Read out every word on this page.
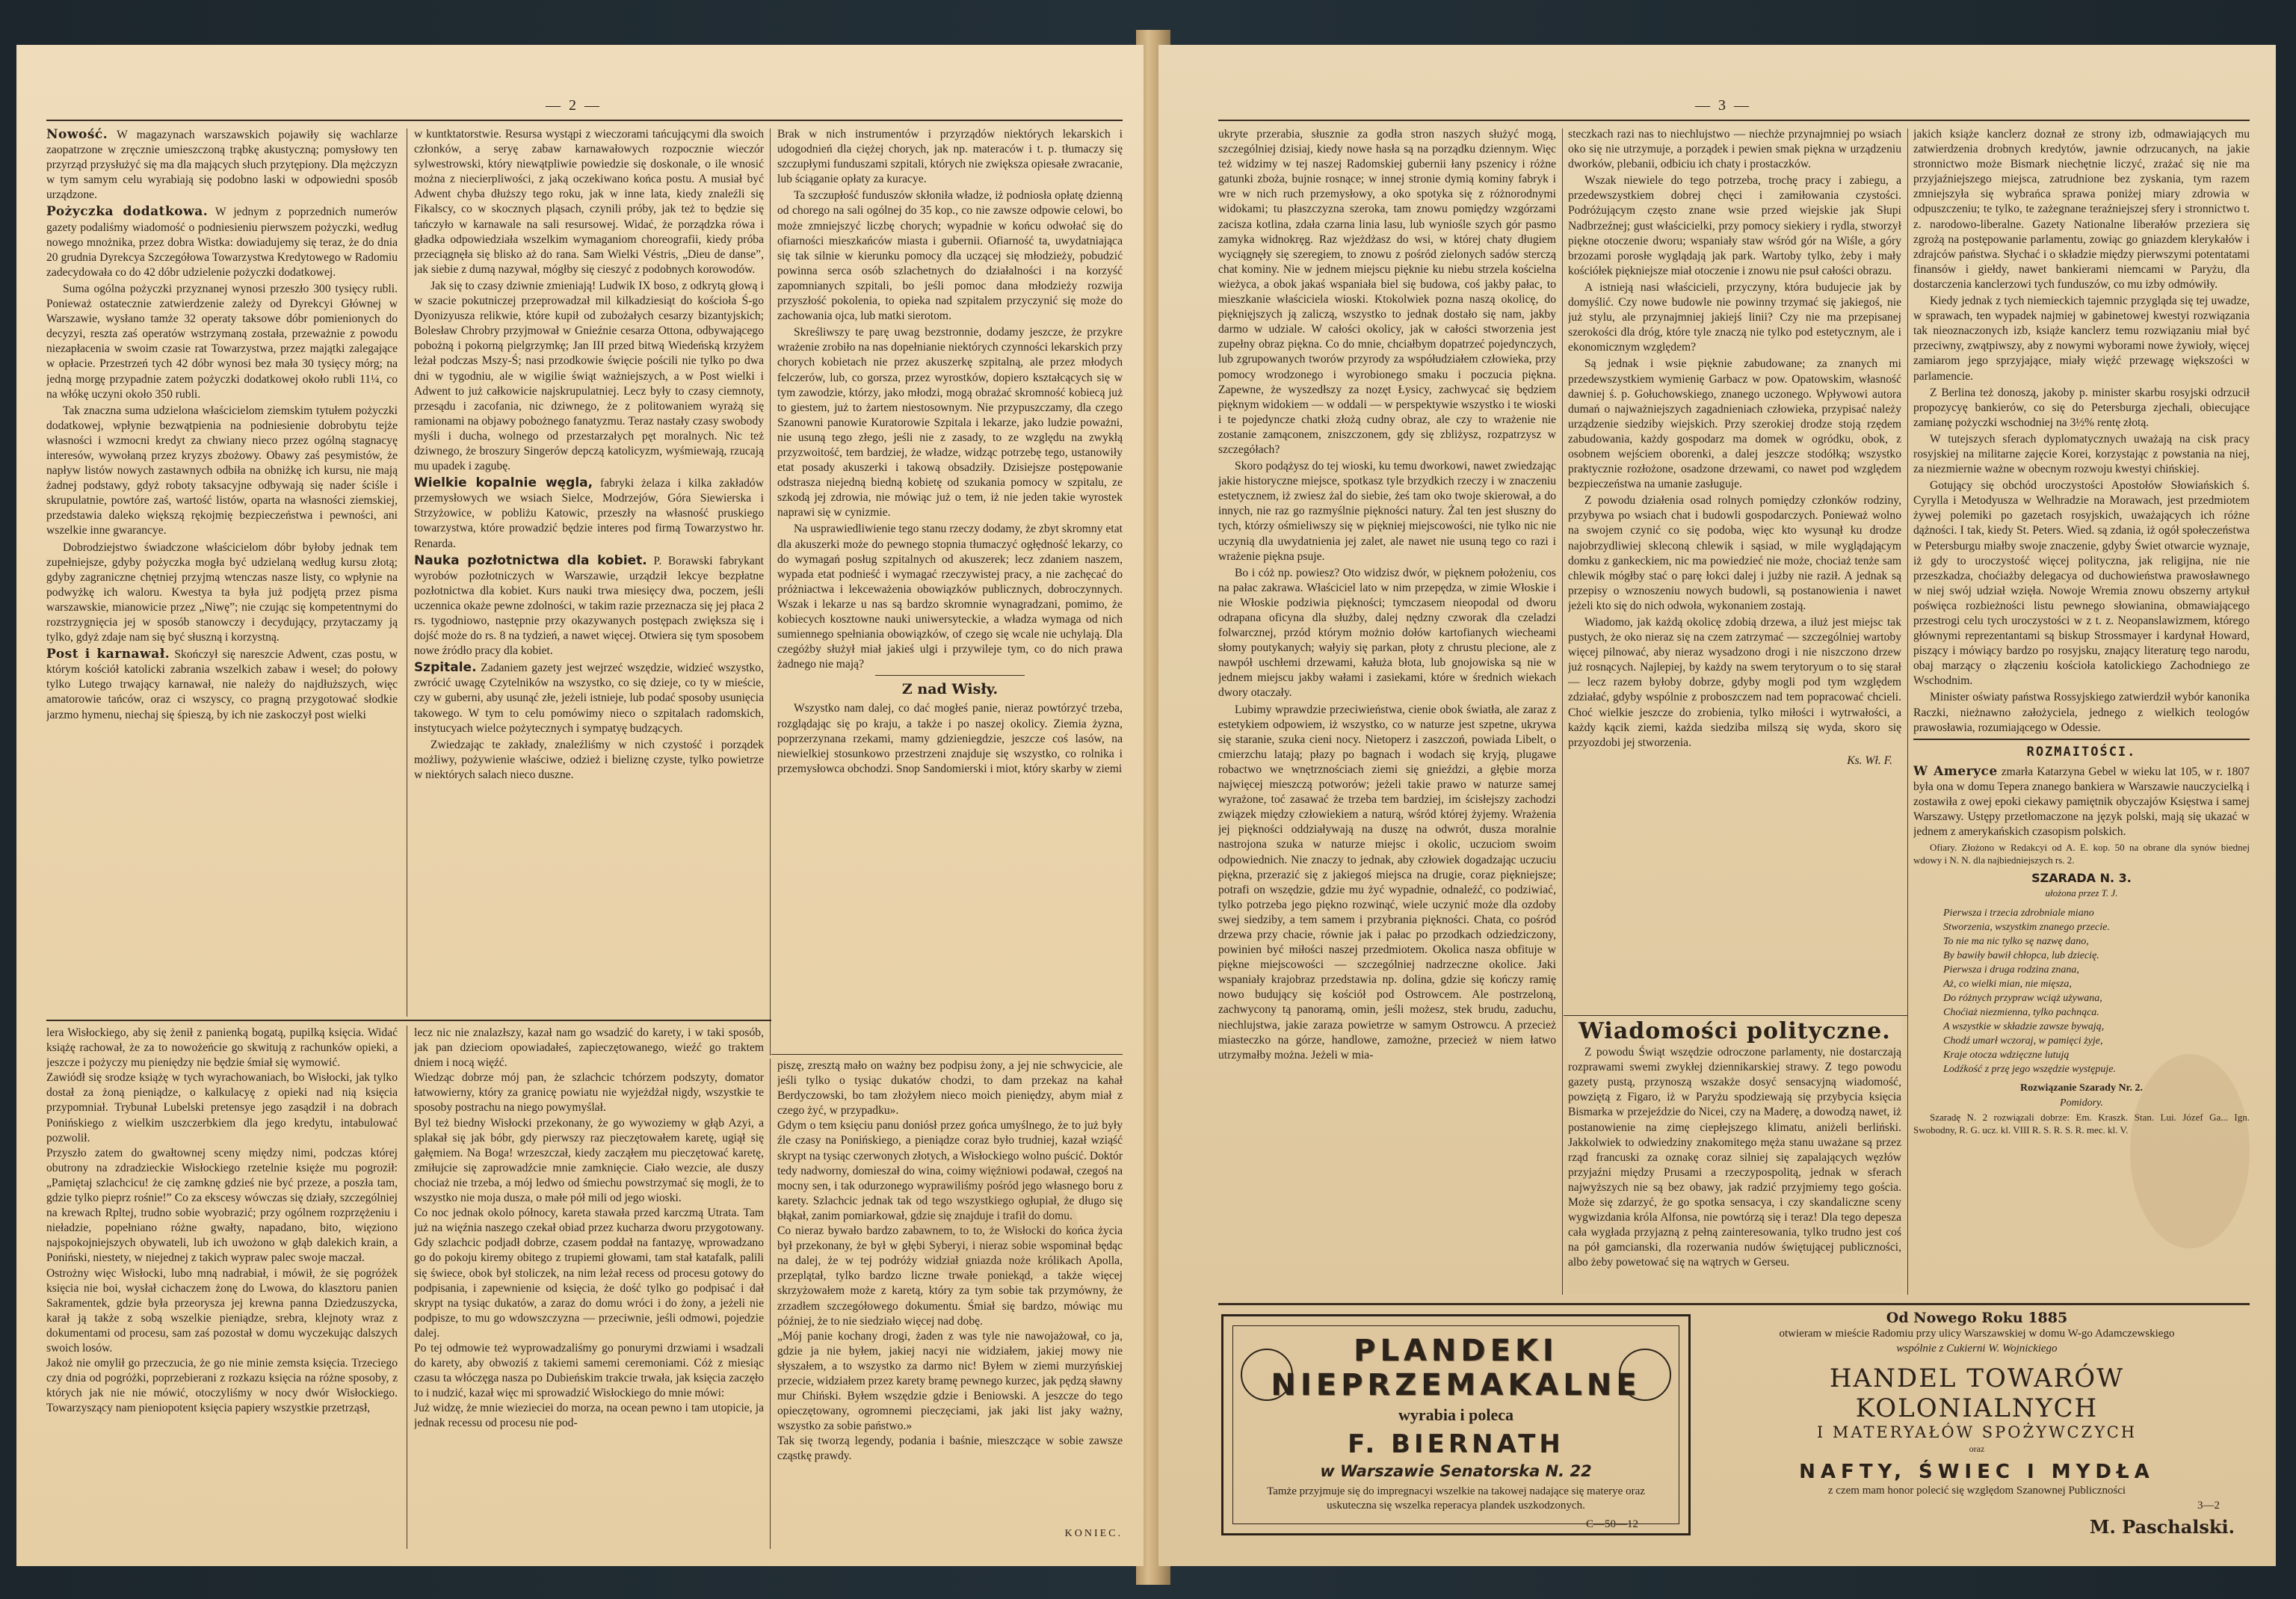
— 2 —

Nowość. W magazynach warszawskich pojawiły się wachlarze zaopatrzone w zręcznie umieszczoną trąbkę akustyczną; pomysłowy ten przyrząd przysłużyć się ma dla mających słuch przytępiony. Dla mężczyzn w tym samym celu wyrabiają się podobno laski w odpowiedni sposób urządzone.

Pożyczka dodatkowa. W jednym z poprzednich numerów gazety podaliśmy wiadomość o podniesieniu pierwszem pożyczki, według nowego mnożnika, przez dobra Wistka: dowiadujemy się teraz, że do dnia 20 grudnia Dyrekcya Szczegółowa Towarzystwa Kredytowego w Radomiu zadecydowała co do 42 dóbr udzielenie pożyczki dodatkowej.

Suma ogólna pożyczki przyznanej wynosi przeszło 300 tysięcy rubli. Ponieważ ostatecznie zatwierdzenie zależy od Dyrekcyi Głównej w Warszawie, wysłano tamże 32 operaty taksowe dóbr pomienionych do decyzyi, reszta zaś operatów wstrzymaną została, przeważnie z powodu niezapłacenia w swoim czasie rat Towarzystwa, przez majątki zalegające w opłacie. Przestrzeń tych 42 dóbr wynosi bez mała 30 tysięcy mórg; na jedną morgę przypadnie zatem pożyczki dodatkowej około rubli 11¼, co na włókę uczyni około 350 rubli.

Tak znaczna suma udzielona właścicielom ziemskim tytułem pożyczki dodatkowej, wpłynie bezwątpienia na podniesienie dobrobytu tejże własności i wzmocni kredyt za chwiany nieco przez ogólną stagnacyę interesów, wywołaną przez kryzys zbożowy. Obawy zaś pesymistów, że napływ listów nowych zastawnych odbiła na obniżkę ich kursu, nie mają żadnej podstawy, gdyż roboty taksacyjne odbywają się nader ściśle i skrupulatnie, powtóre zaś, wartość listów, oparta na własności ziemskiej, przedstawia daleko większą rękojmię bezpieczeństwa i pewności, ani wszelkie inne gwarancye.

Dobrodziejstwo świadczone właścicielom dóbr byłoby jednak tem zupełniejsze, gdyby pożyczka mogła być udzielaną według kursu złotą; gdyby zagraniczne chętniej przyjmą wtenczas nasze listy, co wpłynie na podwyżkę ich waloru. Kwestya ta była już podjętą przez pisma warszawskie, mianowicie przez „Niwę”; nie czując się kompetentnymi do rozstrzygnięcia jej w sposób stanowczy i decydujący, przytaczamy ją tylko, gdyż zdaje nam się być słuszną i korzystną.

Post i karnawał. Skończył się nareszcie Adwent, czas postu, w którym kościół katolicki zabrania wszelkich zabaw i wesel; do połowy tylko Lutego trwający karnawał, nie należy do najdłuższych, więc amatorowie tańców, oraz ci wszyscy, co pragną przygotować słodkie jarzmo hymenu, niechaj się śpieszą, by ich nie zaskoczył post wielki

w kuntktatorstwie. Resursa wystąpi z wieczorami tańcującymi dla swoich członków, a seryę zabaw karnawałowych rozpocznie wieczór sylwestrowski, który niewątpliwie powiedzie się doskonale, o ile wnosić można z niecierpliwości, z jaką oczekiwano końca postu. A musiał być Adwent chyba dłuższy tego roku, jak w inne lata, kiedy znaleźli się Fikalscy, co w skocznych pląsach, czynili próby, jak też to będzie się tańczyło w karnawale na sali resursowej. Widać, że porządzka rówa i gładka odpowiedziała wszelkim wymaganiom choreografii, kiedy próba przeciągnęła się blisko aż do rana. Sam Wielki Véstris, „Dieu de danse”, jak siebie z dumą nazywał, mógłby się cieszyć z podobnych korowodów.

Jak się to czasy dziwnie zmieniają! Ludwik IX boso, z odkrytą głową i w szacie pokutniczej przeprowadzał mil kilkadziesiąt do kościoła Ś-go Dyonizyusza relikwie, które kupił od zubożałych cesarzy bizantyjskich; Bolesław Chrobry przyjmował w Gnieźnie cesarza Ottona, odbywającego pobożną i pokorną pielgrzymkę; Jan III przed bitwą Wiedeńską krzyżem leżał podczas Mszy-Ś; nasi przodkowie święcie pościli nie tylko po dwa dni w tygodniu, ale w wigilie świąt ważniejszych, a w Post wielki i Adwent to już całkowicie najskrupulatniej. Lecz były to czasy ciemnoty, przesądu i zacofania, nic dziwnego, że z politowaniem wyrażą się ramionami na objawy pobożnego fanatyzmu. Teraz nastały czasy swobody myśli i ducha, wolnego od przestarzałych pęt moralnych. Nic też dziwnego, że broszury Singerów depczą katolicyzm, wyśmiewają, rzucają mu upadek i zagubę.

Wielkie kopalnie węgla, fabryki żelaza i kilka zakładów przemysłowych we wsiach Sielce, Modrzejów, Góra Siewierska i Strzyżowice, w pobliżu Katowic, przeszły na własność pruskiego towarzystwa, które prowadzić będzie interes pod firmą Towarzystwo hr. Renarda.

Nauka pozłotnictwa dla kobiet. P. Borawski fabrykant wyrobów pozłotniczych w Warszawie, urządził lekcye bezpłatne pozłotnictwa dla kobiet. Kurs nauki trwa miesięcy dwa, poczem, jeśli uczennica okaże pewne zdolności, w takim razie przeznacza się jej płaca 2 rs. tygodniowo, następnie przy okazywanych postępach zwiększa się i dojść może do rs. 8 na tydzień, a nawet więcej. Otwiera się tym sposobem nowe źródło pracy dla kobiet.

Szpitale. Zadaniem gazety jest wejrzeć wszędzie, widzieć wszystko, zwrócić uwagę Czytelników na wszystko, co się dzieje, co ty w mieście, czy w guberni, aby usunąć złe, jeżeli istnieje, lub podać sposoby usunięcia takowego. W tym to celu pomówimy nieco o szpitalach radomskich, instytucyach wielce pożytecznych i sympatyę budzących.

Zwiedzając te zakłady, znaleźliśmy w nich czystość i porządek możliwy, pożywienie właściwe, odzież i bieliznę czyste, tylko powietrze w niektórych salach nieco duszne.

Brak w nich instrumentów i przyrządów niektórych lekarskich i udogodnień dla ciężej chorych, jak np. materaców i t. p. tłumaczy się szczupłymi funduszami szpitali, których nie zwiększa opiesałe zwracanie, lub ściąganie opłaty za kuracye.

Ta szczupłość funduszów skłoniła władze, iż podniosła opłatę dzienną od chorego na sali ogólnej do 35 kop., co nie zawsze odpowie celowi, bo może zmniejszyć liczbę chorych; wypadnie w końcu odwołać się do ofiarności mieszkańców miasta i gubernii. Ofiarność ta, uwydatniająca się tak silnie w kierunku pomocy dla uczącej się młodzieży, pobudzić powinna serca osób szlachetnych do działalności i na korzyść zapomnianych szpitali, bo jeśli pomoc dana młodzieży rozwija przyszłość pokolenia, to opieka nad szpitalem przyczynić się może do zachowania ojca, lub matki sierotom.

Skreśliwszy te parę uwag bezstronnie, dodamy jeszcze, że przykre wrażenie zrobiło na nas dopełnianie niektórych czynności lekarskich przy chorych kobietach nie przez akuszerkę szpitalną, ale przez młodych felczerów, lub, co gorsza, przez wyrostków, dopiero kształcących się w tym zawodzie, którzy, jako młodzi, mogą obrażać skromność kobiecą już to giestem, już to żartem niestosownym. Nie przypuszczamy, dla czego Szanowni panowie Kuratorowie Szpitala i lekarze, jako ludzie poważni, nie usuną tego złego, jeśli nie z zasady, to ze względu na zwykłą przyzwoitość, tem bardziej, że władze, widząc potrzebę tego, ustanowiły etat posady akuszerki i takową obsadziły. Dzisiejsze postępowanie odstrasza niejedną biedną kobietę od szukania pomocy w szpitalu, ze szkodą jej zdrowia, nie mówiąc już o tem, iż nie jeden takie wyrostek naprawi się w cynizmie.

Na usprawiedliwienie tego stanu rzeczy dodamy, że zbyt skromny etat dla akuszerki może do pewnego stopnia tłumaczyć ogłędność lekarzy, co do wymagań posług szpitalnych od akuszerek; lecz zdaniem naszem, wypada etat podnieść i wymagać rzeczywistej pracy, a nie zachęcać do próżniactwa i lekceważenia obowiązków publicznych, dobroczynnych. Wszak i lekarze u nas są bardzo skromnie wynagradzani, pomimo, że kobiecych kosztowne nauki uniwersyteckie, a władza wymaga od nich sumiennego spełniania obowiązków, of czego się wcale nie uchylają. Dla czegóżby służył miał jakieś ulgi i przywileje tym, co do nich prawa żadnego nie mają?

Z nad Wisły.

Wszystko nam dalej, co dać mogłeś panie, nieraz powtórzyć trzeba, rozglądając się po kraju, a także i po naszej okolicy. Ziemia żyzna, poprzerzynana rzekami, mamy gdzieniegdzie, jeszcze coś lasów, na niewielkiej stosunkowo przestrzeni znajduje się wszystko, co rolnika i przemysłowca obchodzi. Snop Sandomierski i miot, który skarby w ziemi

lera Wisłockiego, aby się żenił z panienką bogatą, pupilką księcia. Widać książę rachował, że za to nowożeńcie go skwitują z rachunków opieki, a jeszcze i pożyczy mu pieniędzy nie będzie śmiał się wymowić.
Zawiódł się srodze książę w tych wyrachowaniach, bo Wisłocki, jak tylko dostał za żoną pieniądze, o kalkulacyę z opieki nad nią księcia przypomniał. Trybunał Lubelski pretensye jego zasądził i na dobrach Ponińskiego z wielkim uszczerbkiem dla jego kredytu, intabulować pozwolił.
Przyszło zatem do gwałtownej sceny między nimi, podczas której obutrony na zdradzieckie Wisłockiego rzetelnie księże mu pogroził: „Pamiętaj szlachcicu! że cię zamknę gdzieś nie być przeze, a poszła tam, gdzie tylko pieprz rośnie!” Co za ekscesy wówczas się działy, szczególniej na krewach Rpltej, trudno sobie wyobrazić; przy ogólnem rozprzężeniu i nieładzie, popełniano różne gwałty, napadano, bito, więziono najspokojniejszych obywateli, lub ich uwożono w głąb dalekich krain, a Poniński, niestety, w niejednej z takich wypraw palec swoje maczał.
Ostrożny więc Wisłocki, lubo mną nadrabiał, i mówił, że się pogróżek księcia nie boi, wysłał cichaczem żonę do Lwowa, do klasztoru panien Sakramentek, gdzie była przeorysza jej krewna panna Dziedzuszycka, karał ją także z sobą wszelkie pieniądze, srebra, klejnoty wraz z dokumentami od procesu, sam zaś pozostał w domu wyczekując dalszych swoich losów.
Jakoż nie omylił go przeczucia, że go nie minie zemsta księcia. Trzeciego czy dnia od pogróżki, poprzebierani z rozkazu księcia na różne sposoby, z których jak nie nie mówić, otoczyliśmy w nocy dwór Wisłockiego. Towarzyszący nam pieniopotent księcia papiery wszystkie przetrząsł,

lecz nic nie znalazłszy, kazał nam go wsadzić do karety, i w taki sposób, jak pan dzieciom opowiadałeś, zapieczętowanego, wieźć go traktem dniem i nocą więźć.
Wiedząc dobrze mój pan, że szlachcic tchórzem podszyty, domator łatwowierny, który za granicę powiatu nie wyjeżdżał nigdy, wszystkie te sposoby postrachu na niego powymyślał.
Byl też biedny Wisłocki przekonany, że go wywoziemy w głąb Azyi, a splakał się jak bóbr, gdy pierwszy raz pieczętowałem karetę, ugiął się gałęmiem. Na Boga! wrzeszczał, kiedy zacząłem mu pieczętować karetę, zmiłujcie się zaprowadźcie mnie zamknięcie. Ciało wezcie, ale duszy chociaż nie trzeba, a mój ledwo od śmiechu powstrzymać się mogli, że to wszystko nie moja dusza, o małe pół mili od jego wioski.
Co noc jednak okolo północy, kareta stawała przed karczmą Utrata. Tam już na więźnia naszego czekał obiad przez kucharza dworu przygotowany. Gdy szlachcic podjadł dobrze, czasem poddał na fantazyę, wprowadzano go do pokoju kiremy obitego z trupiemi głowami, tam stał katafalk, palili się świece, obok był stoliczek, na nim leżał recess od procesu gotowy do podpisania, i zapewnienie od księcia, że dość tylko go podpisać i dał skrypt na tysiąc dukatów, a zaraz do domu wróci i do żony, a jeżeli nie podpisze, to mu go wdowszczyzna — przeciwnie, jeśli odmowi, pojedzie dalej.
Po tej odmowie też wyprowadzaliśmy go ponurymi drzwiami i wsadzali do karety, aby obwoziś z takiemi samemi ceremoniami. Cóż z miesiąc czasu ta włóczęga nasza po Dubieńskim trakcie trwała, jak księcia zaczęło to i nudzić, kazał więc mi sprowadzić Wisłockiego do mnie mówi:
Już widzę, że mnie wiezieciei do morza, na ocean pewno i tam utopicie, ja jednak recessu od procesu nie pod-

piszę, zresztą mało on ważny bez podpisu żony, a jej nie schwycicie, ale jeśli tylko o tysiąc dukatów chodzi, to dam przekaz na kahał Berdyczowski, bo tam złożyłem nieco moich pieniędzy, abym miał z czego żyć, w przypadku».
Gdym o tem księciu panu doniósł przez gońca umyślnego, że to już były źle czasy na Ponińskiego, a pieniądze coraz było trudniej, kazał wziąść skrypt na tysiąc czerwonych złotych, a Wisłockiego wolno puścić. Doktór tedy nadworny, domieszał do wina, coimy więźniowi podawał, czegoś na mocny sen, i tak odurzonego wyprawiliśmy pośród jego własnego boru z karety. Szlachcic jednak tak od tego wszystkiego ogłupiał, że długo się błąkał, zanim pomiarkował, gdzie się znajduje i trafił do domu.
Co nieraz bywało bardzo zabawnem, to to, że Wisłocki do końca życia był przekonany, że był w głębi Syberyi, i nieraz sobie wspominał będąc na dalej, że w tej podróży widział gniazda noże królikach Apolla, przeplątał, tylko bardzo liczne trwałe poniekąd, a także więcej skrzyżowałem może z karetą, który za tym sobie tak przymówny, że zrzadłem szczegółowego dokumentu. Śmiał się bardzo, mówiąc mu później, że to nie siedziało więcej nad dobę.
„Mój panie kochany drogi, żaden z was tyle nie nawojażował, co ja, gdzie ja nie byłem, jakiej nacyi nie widziałem, jakiej mowy nie słyszałem, a to wszystko za darmo nic! Byłem w ziemi murzyńskiej przecie, widziałem przez karety bramę pewnego kurzec, jak pędzą sławny mur Chiński. Byłem wszędzie gdzie i Beniowski. A jeszcze do tego opieczętowany, ogromnemi pieczęciami, jak jaki list jaky ważny, wszystko za sobie państwo.»
Tak się tworzą legendy, podania i baśnie, mieszczące w sobie zawsze cząstkę prawdy.

KONIEC.
— 3 —

ukryte przerabia, słusznie za godła stron naszych służyć mogą, szczególniej dzisiaj, kiedy nowe hasła są na porządku dziennym. Więc też widzimy w tej naszej Radomskiej gubernii łany pszenicy i różne gatunki zboża, bujnie rosnące; w innej stronie dymią kominy fabryk i wre w nich ruch przemysłowy, a oko spotyka się z różnorodnymi widokami; tu płaszczyzna szeroka, tam znowu pomiędzy wzgórzami zacisza kotlina, zdała czarna linia lasu, lub wyniośle szych gór pasmo zamyka widnokręg. Raz wjeżdżasz do wsi, w której chaty długiem wyciągnęły się szeregiem, to znowu z pośród zielonych sadów sterczą chat kominy. Nie w jednem miejscu pięknie ku niebu strzela kościelna wieżyca, a obok jakaś wspaniała biel się budowa, coś jakby pałac, to mieszkanie właściciela wioski. Ktokolwiek pozna naszą okolicę, do pięknięjszych ją zaliczą, wszystko to jednak dostało się nam, jakby darmo w udziale. W całości okolicy, jak w całości stworzenia jest zupełny obraz piękna. Co do mnie, chciałbym dopatrzeć pojedynczych, lub zgrupowanych tworów przyrody za współudziałem człowieka, przy pomocy wrodzonego i wyrobionego smaku i poczucia piękna. Zapewne, że wyszedłszy za nozęt Łysicy, zachwycać się będziem pięknym widokiem — w oddali — w perspektywie wszystko i te wioski i te pojedyncze chatki złożą cudny obraz, ale czy to wrażenie nie zostanie zamąconem, zniszczonem, gdy się zbliżysz, rozpatrzysz w szczegółach?

Skoro podążysz do tej wioski, ku temu dworkowi, nawet zwiedzając jakie historyczne miejsce, spotkasz tyle brzydkich rzeczy i w znaczeniu estetycznem, iż zwiesz żal do siebie, żeś tam oko twoje skierował, a do innych, nie raz go razmyślnie piękności natury. Żal ten jest słuszny do tych, którzy ośmieliwszy się w piękniej miejscowości, nie tylko nic nie uczynią dla uwydatnienia jej zalet, ale nawet nie usuną tego co razi i wrażenie piękna psuje.

Bo i cóż np. powiesz? Oto widzisz dwór, w pięknem położeniu, cos na pałac zakrawa. Właściciel lato w nim przepędza, w zimie Włoskie i nie Włoskie podziwia piękności; tymczasem nieopodal od dworu odrapana oficyna dla służby, dalej nędzny czworak dla czeladzi folwarcznej, przód którym możnio dołów kartofianych wiecheami słomy poutykanych; wałyiy się parkan, płoty z chrustu plecione, ale z nawpół uschłemi drzewami, kałuża błota, lub gnojowiska są nie w jednem miejscu jakby wałami i zasiekami, które w średnich wiekach dwory otaczały.

Lubimy wprawdzie przeciwieństwa, cienie obok światła, ale zaraz z estetykiem odpowiem, iż wszystko, co w naturze jest szpetne, ukrywa się staranie, szuka cieni nocy. Nietoperz i zaszczoń, powiada Libelt, o cmierzchu latają; płazy po bagnach i wodach się kryją, plugawe robactwo we wnętrznościach ziemi się gnieździ, a głębie morza najwięcej mieszczą potworów; jeżeli takie prawo w naturze samej wyrażone, toć zasawać że trzeba tem bardziej, im ścisłejszy zachodzi związek między człowiekiem a naturą, wśród której żyjemy. Wrażenia jej piękności oddziaływają na duszę na odwrót, dusza moralnie nastrojona szuka w naturze miejsc i okolic, uczuciom swoim odpowiednich. Nie znaczy to jednak, aby człowiek dogadzając uczuciu piękna, przerazić się z jakiegoś miejsca na drugie, coraz piękniejsze; potrafi on wszędzie, gdzie mu żyć wypadnie, odnaleźć, co podziwiać, tylko potrzeba jego piękno rozwinąć, wiele uczynić może dla ozdoby swej siedziby, a tem samem i przybrania piękności. Chata, co pośród drzewa przy chacie, równie jak i pałac po przodkach odziedziczony, powinien być miłości naszej przedmiotem. Okolica nasza obfituje w piękne miejscowości — szczególniej nadrzeczne okolice. Jaki wspaniały krajobraz przedstawia np. dolina, gdzie się kończy ramię nowo budujący się kościół pod Ostrowcem. Ale postrzeloną, zachwycony tą panoramą, omin, jeśli możesz, stek brudu, zaduchu, niechlujstwa, jakie zaraza powietrze w samym Ostrowcu. A przecież miasteczko na górze, handlowe, zamożne, przecież w niem łatwo utrzymałby można. Jeżeli w mia-

steczkach razi nas to niechlujstwo — niechże przynajmniej po wsiach oko się nie utrzymuje, a porządek i pewien smak piękna w urządzeniu dworków, plebanii, odbiciu ich chaty i prostaczków.

Wszak niewiele do tego potrzeba, trochę pracy i zabiegu, a przedewszystkiem dobrej chęci i zamiłowania czystości. Podróżującym często znane wsie przed wiejskie jak Słupi Nadbrzeźnej; gust właścicielki, przy pomocy siekiery i rydla, stworzył piękne otoczenie dworu; wspaniały staw wśród gór na Wiśle, a góry brzozami porosłe wyglądają jak park. Wartoby tylko, żeby i mały kościółek piękniejsze miał otoczenie i znowu nie psuł całości obrazu.

A istnieją nasi właścicieli, przyczyny, która budujecie jak by domyślić. Czy nowe budowle nie powinny trzymać się jakiegoś, nie już stylu, ale przynajmniej jakiejś linii? Czy nie ma przepisanej szerokości dla dróg, które tyle znaczą nie tylko pod estetycznym, ale i ekonomicznym względem?

Są jednak i wsie pięknie zabudowane; za znanych mi przedewszystkiem wymienię Garbacz w pow. Opatowskim, własność dawniej ś. p. Gołuchowskiego, znanego uczonego. Wpływowi autora dumań o najważniejszych zagadnieniach człowieka, przypisać należy urządzenie siedziby wiejskich. Przy szerokiej drodze stoją rzędem zabudowania, każdy gospodarz ma domek w ogródku, obok, z osobnem wejściem oborenki, a dalej jeszcze stodółką; wszystko praktycznie rozłożone, osadzone drzewami, co nawet pod względem bezpieczeństwa na umanie zasługuje.

Z powodu działenia osad rolnych pomiędzy członków rodziny, przybywa po wsiach chat i budowli gospodarczych. Ponieważ wolno na swojem czynić co się podoba, więc kto wysunął ku drodze najobrzydliwiej skleconą chlewik i sąsiad, w mile wyglądającym domku z gankeckiem, nic ma powiedzieć nie może, chociaż tenże sam chlewik mógłby stać o parę łokci dalej i jużby nie raził. A jednak są przepisy o wznoszeniu nowych budowli, są postanowienia i nawet jeżeli kto się do nich odwoła, wykonaniem zostają.

Wiadomo, jak każdą okolicę zdobią drzewa, a iluż jest miejsc tak pustych, że oko nieraz się na czem zatrzymać — szczególniej wartoby więcej pilnować, aby nieraz wysadzono drogi i nie niszczono drzew już rosnących. Najlepiej, by każdy na swem terytoryum o to się starał — lecz razem byłoby dobrze, gdyby mogli pod tym względem zdziałać, gdyby wspólnie z proboszczem nad tem popracować chcieli. Choć wielkie jeszcze do zrobienia, tylko miłości i wytrwałości, a każdy kącik ziemi, każda siedziba milszą się wyda, skoro się przyozdobi jej stworzenia.

Ks. Wł. F.

jakich książe kanclerz doznał ze strony izb, odmawiających mu zatwierdzenia drobnych kredytów, jawnie odrzucanych, na jakie stronnictwo może Bismark niechętnie liczyć, zrażać się nie ma przyjaźniejszego miejsca, zatrudnione bez zyskania, tym razem zmniejszyła się wybrańca sprawa poniżej miary zdrowia w odpuszczeniu; te tylko, te zażegnane teraźniejszej sfery i stronnictwo t. z. narodowo-liberalne. Gazety Nationalne liberałów przeziera się zgrożą na postępowanie parlamentu, zowiąc go gniazdem klerykałów i zdrajców państwa. Słychać i o składzie między pierwszymi potentatami finansów i giełdy, nawet bankierami niemcami w Paryżu, dla dostarczenia kanclerzowi tych funduszów, co mu izby odmówiły.

Kiedy jednak z tych niemieckich tajemnic przygląda się tej uwadze, w sprawach, ten wypadek najmiej w gabinetowej kwestyi rozwiązania tak nieoznaczonych izb, książe kanclerz temu rozwiązaniu miał być przeciwny, zwątpiwszy, aby z nowymi wyborami nowe żywioły, więcej zamiarom jego sprzyjające, miały więźć przewagę większości w parlamencie.

Z Berlina też donoszą, jakoby p. minister skarbu rosyjski odrzucił propozycyę bankierów, co się do Petersburga zjechali, obiecujące zamianę pożyczki wschodniej na 3½% rentę złotą.

W tutejszych sferach dyplomatycznych uważają na cisk pracy rosyjskiej na militarne zajęcie Korei, korzystając z powstania na niej, za niezmiernie ważne w obecnym rozwoju kwestyi chińskiej.

Gotujący się obchód uroczystości Apostołów Słowiańskich ś. Cyrylla i Metodyusza w Welhradzie na Morawach, jest przedmiotem żywej polemiki po gazetach rosyjskich, uważających ich różne dążności. I tak, kiedy St. Peters. Wied. są zdania, iż ogół społeczeństwa w Petersburgu miałby swoje znaczenie, gdyby Świet otwarcie wyznaje, iż gdy to uroczystość więcej polityczna, jak religijna, nie nie przeszkadza, choćiażby delegacya od duchowieństwa prawosławnego w niej swój udział wzięła. Nowoje Wremia znowu obszerny artykuł poświęca rozbieżności listu pewnego słowianina, obmawiającego przestrogi celu tych uroczystości w z t. z. Neopanslawizmem, którego głównymi reprezentantami są biskup Strossmayer i kardynał Howard, piszący i mówiący bardzo po rosyjsku, znający literaturę tego narodu, obaj marzący o złączeniu kościoła katolickiego Zachodniego ze Wschodnim.

Minister oświaty państwa Rossyjskiego zatwierdził wybór kanonika Raczki, nieżnawno założyciela, jednego z wielkich teologów prawosławia, rozumiającego w Odessie.

ROZMAITOŚCI.

W Ameryce zmarła Katarzyna Gebel w wieku lat 105, w r. 1807 była ona w domu Tepera znanego bankiera w Warszawie nauczycielką i zostawiła z owej epoki ciekawy pamiętnik obyczajów Księstwa i samej Warszawy. Ustępy przetłomaczone na język polski, mają się ukazać w jednem z amerykańskich czasopism polskich.

Ofiary. Złożono w Redakcyi od A. E. kop. 50 na obrane dla synów biednej wdowy i N. N. dla najbiedniejszych rs. 2.

SZARADA N. 3.
ułożona przez T. J.
Pierwsza i trzecia zdrobniale miano
Stworzenia, wszystkim znanego przecie.
To nie ma nic tylko sę nazwę dano,
By bawiły bawił chłopca, lub dziecię.
Pierwsza i druga rodzina znana,
Aż, co wielki mian, nie mięsza,
Do różnych przypraw wciąż używana,
Choćiaż niezmienna, tylko pachnąca.
A wszystkie w składzie zawsze bywają,
Chodź umarł wczoraj, w pamięci żyje,
Kraje otocza wdzięczne lutują
Lodźkość z przę jego wszędzie występuje.
Rozwiązanie Szarady Nr. 2.
Pomidory.

Szaradę N. 2 rozwiązali dobrze: Em. Kraszk. Stan. Lui. Józef Ga... Ign. Swobodny, R. G. ucz. kl. VIII R. S. R. S. R. mec. kl. V.

Wiadomości polityczne.

Z powodu Świąt wszędzie odroczone parlamenty, nie dostarczają rozprawami swemi zwykłej dziennikarskiej strawy. Z tego powodu gazety pustą, przynoszą wszakże dosyć sensacyjną wiadomość, powziętą z Figaro, iż w Paryżu spodziewają się przybycia księcia Bismarka w przejeździe do Nicei, czy na Maderę, a dowodzą nawet, iż postanowienie na zimę ciepłejszego klimatu, aniżeli berliński. Jakkolwiek to odwiedziny znakomitego męża stanu uważane są przez rząd francuski za oznakę coraz silniej się zapalających węzłów przyjaźni między Prusami a rzeczypospolitą, jednak w sferach najwyższych nie są bez obawy, jak radzić przyjmiemy tego gościa. Może się zdarzyć, że go spotka sensacya, i czy skandaliczne sceny wygwizdania króla Alfonsa, nie powtórzą się i teraz! Dla tego depesza cała wygłada przyjazną z pełną zainteresowania, tylko trudno jest coś na pół gamcianski, dla rozerwania nudów świętującej publiczności, albo żeby powetować się na wątrych w Gerseu.

PLANDEKI NIEPRZEMAKALNE
wyrabia i poleca
F. BIERNATH
w Warszawie Senatorska N. 22
Tamże przyjmuje się do impregnacyi wszelkie na takowej nadające się materye oraz uskuteczna się wszelka reperacya plandek uszkodzonych.
C—50—12
Od Nowego Roku 1885
otwieram w mieście Radomiu przy ulicy Warszawskiej w domu W-go Adamczewskiego
wspólnie z Cukierni W. Wojnickiego
HANDEL TOWARÓW KOLONIALNYCH
I MATERYAŁÓW SPOŻYWCZYCH
oraz
NAFTY, ŚWIEC I MYDŁA
z czem mam honor polecić się względom Szanownej Publiczności
3—2
M. Paschalski.
